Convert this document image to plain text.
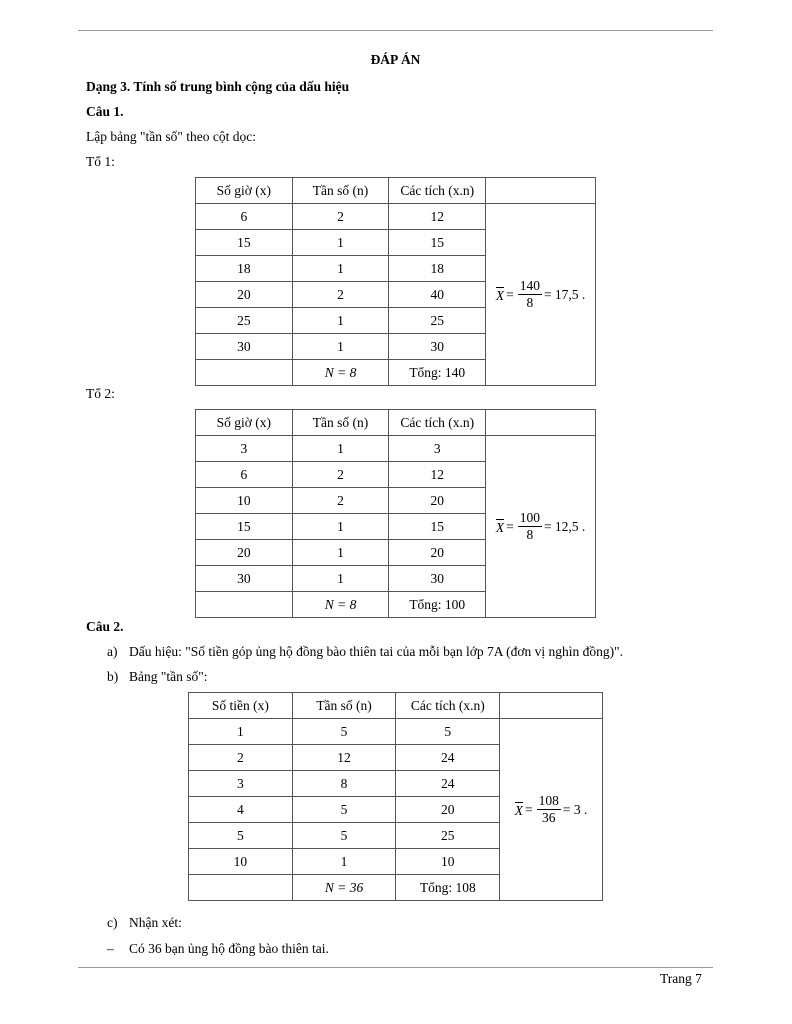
ĐÁP ÁN
Dạng 3. Tính số trung bình cộng của dấu hiệu
Câu 1.
Lập bảng "tần số" theo cột dọc:
Tổ 1:
Số giờ (x)	Tần số (n)	Các tích (x.n)	
6	2	12	$X = \frac{140}{8} = 17,5$ .

15	1	15	
18	1	18	
20	2	40	
25	1	25	
30	1	30	
	N = 8	Tổng: 140	
Tổ 2:
Số giờ (x)	Tần số (n)	Các tích (x.n)	
3	1	3	$X = \frac{100}{8} = 12,5$ .

6	2	12	
10	2	20	
15	1	15	
20	1	20	
30	1	30	
	N = 8	Tổng: 100	
Câu 2.
a) Dấu hiệu: "Số tiền góp ủng hộ đồng bào thiên tai của mỗi bạn lớp 7A (đơn vị nghìn đồng)".
b) Bảng "tần số":
Số tiền (x)	Tần số (n)	Các tích (x.n)	
1	5	5	$X = \frac{108}{36} = 3$ .

2	12	24	
3	8	24	
4	5	20	
5	5	25	
10	1	10	
	N = 36	Tổng: 108	
c) Nhận xét:
– Có 36 bạn ủng hộ đồng bào thiên tai.
Trang 7
